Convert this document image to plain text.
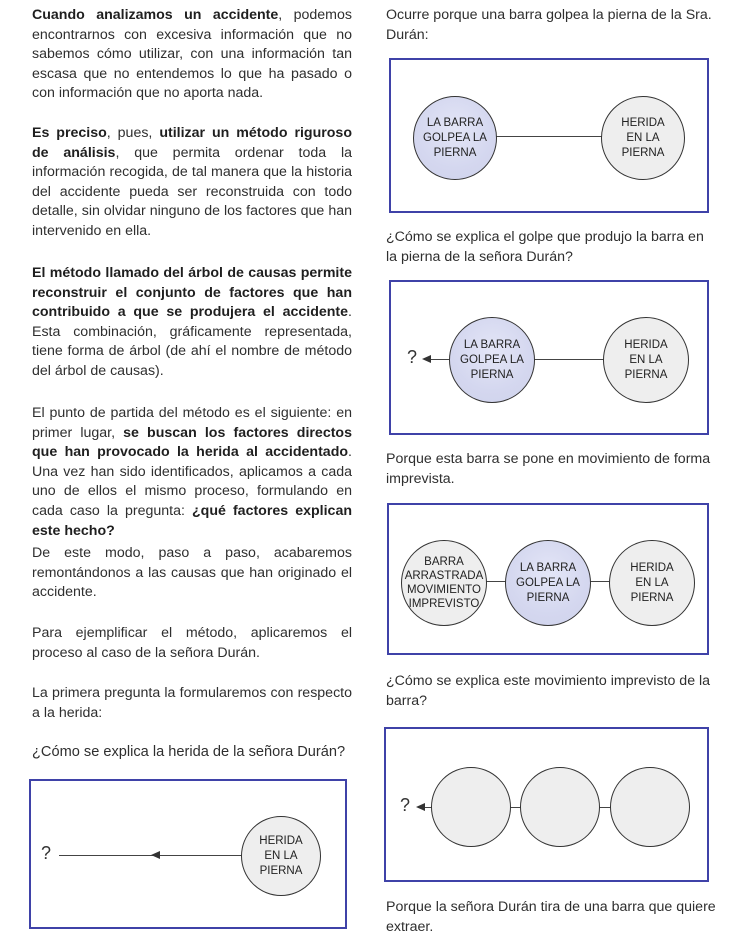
Cuando analizamos un accidente, podemos encontrarnos con excesiva información que no sabemos cómo utilizar, con una información tan escasa que no entendemos lo que ha pasado o con información que no aporta nada.

Es preciso, pues, utilizar un método riguroso de análisis, que permita ordenar toda la información recogida, de tal manera que la historia del accidente pueda ser reconstruida con todo detalle, sin olvidar ninguno de los factores que han intervenido en ella.

El método llamado del árbol de causas permite reconstruir el conjunto de factores que han contribuido a que se produjera el accidente. Esta combinación, gráficamente representada, tiene forma de árbol (de ahí el nombre de método del árbol de causas).

El punto de partida del método es el siguiente: en primer lugar, se buscan los factores directos que han provocado la herida al accidentado. Una vez han sido identificados, aplicamos a cada uno de ellos el mismo proceso, formulando en cada caso la pregunta: ¿qué factores explican este hecho?

De este modo, paso a paso, acabaremos remontándonos a las causas que han originado el accidente.

Para ejemplificar el método, aplicaremos el proceso al caso de la señora Durán.

La primera pregunta la formularemos con respecto a la herida:

¿Cómo se explica la herida de la señora Durán?

?
HERIDA
EN LA
PIERNA

Ocurre porque una barra golpea la pierna de la Sra. Durán:

¿Cómo se explica el golpe que produjo la barra en la pierna de la señora Durán?

Porque esta barra se pone en movimiento de forma imprevista.

¿Cómo se explica este movimiento imprevisto de la barra?

Porque la señora Durán tira de una barra que quiere extraer.

LA BARRA
GOLPEA LA
PIERNA
HERIDA
EN LA
PIERNA
?
LA BARRA
GOLPEA LA
PIERNA
HERIDA
EN LA
PIERNA
BARRA
ARRASTRADA
MOVIMIENTO
IMPREVISTO
LA BARRA
GOLPEA LA
PIERNA
HERIDA
EN LA
PIERNA
?
